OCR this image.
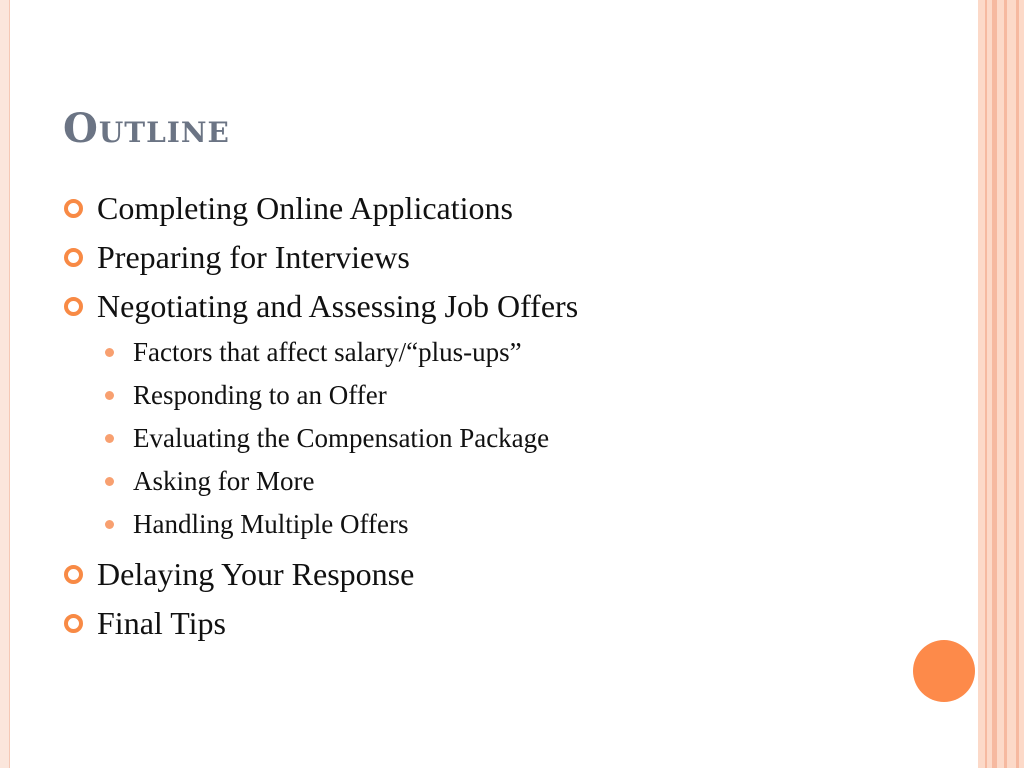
Outline
Completing Online Applications
Preparing for Interviews
Negotiating and Assessing Job Offers
Factors that affect salary/“plus-ups”
Responding to an Offer
Evaluating the Compensation Package
Asking for More
Handling Multiple Offers
Delaying Your Response
Final Tips
